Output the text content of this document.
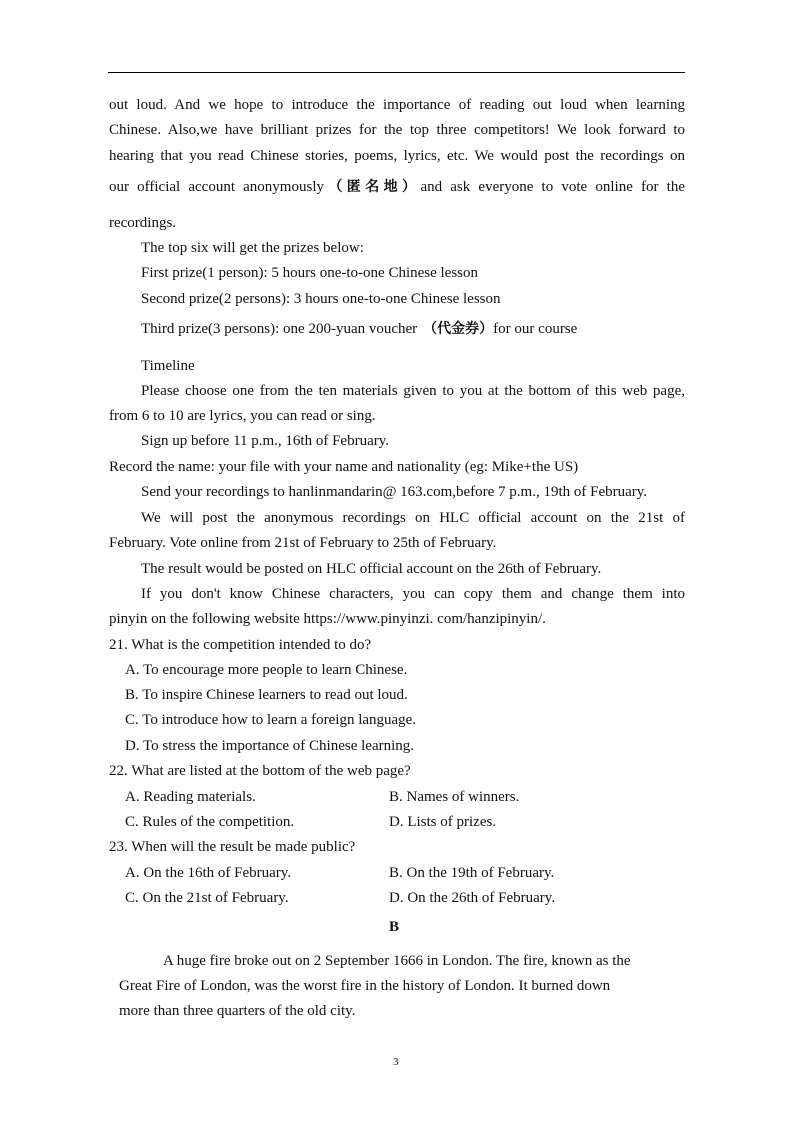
out loud. And we hope to introduce the importance of reading out loud when learning
Chinese. Also,we have brilliant prizes for the top three competitors! We look forward to
hearing that you read Chinese stories, poems, lyrics, etc. We would post the recordings on
our official account anonymously（匿名地）and ask everyone to vote online for the
recordings.
The top six will get the prizes below:
First prize(1 person): 5 hours one-to-one Chinese lesson
Second prize(2 persons): 3 hours one-to-one Chinese lesson
Third prize(3 persons): one 200-yuan voucher （代金券）for our course
Timeline
Please choose one from the ten materials given to you at the bottom of this web page,
from 6 to 10 are lyrics, you can read or sing.
Sign up before 11 p.m., 16th of February.
Record the name: your file with your name and nationality (eg: Mike+the US)
Send your recordings to hanlinmandarin@ 163.com,before 7 p.m., 19th of February.
We will post the anonymous recordings on HLC official account on the 21st of
February. Vote online from 21st of February to 25th of February.
The result would be posted on HLC official account on the 26th of February.
If you don't know Chinese characters, you can copy them and change them into
pinyin on the following website https://www.pinyinzi. com/hanzipinyin/.
21. What is the competition intended to do?
A. To encourage more people to learn Chinese.
B. To inspire Chinese learners to read out loud.
C. To introduce how to learn a foreign language.
D. To stress the importance of Chinese learning.
22. What are listed at the bottom of the web page?
A. Reading materials.	B. Names of winners.
C. Rules of the competition.	D. Lists of prizes.
23. When will the result be made public?
A. On the 16th of February.	B. On the 19th of February.
C. On the 21st of February.	D. On the 26th of February.
B
A huge fire broke out on 2 September 1666 in London. The fire, known as the
Great Fire of London, was the worst fire in the history of London. It burned down
more than three quarters of the old city.
3
